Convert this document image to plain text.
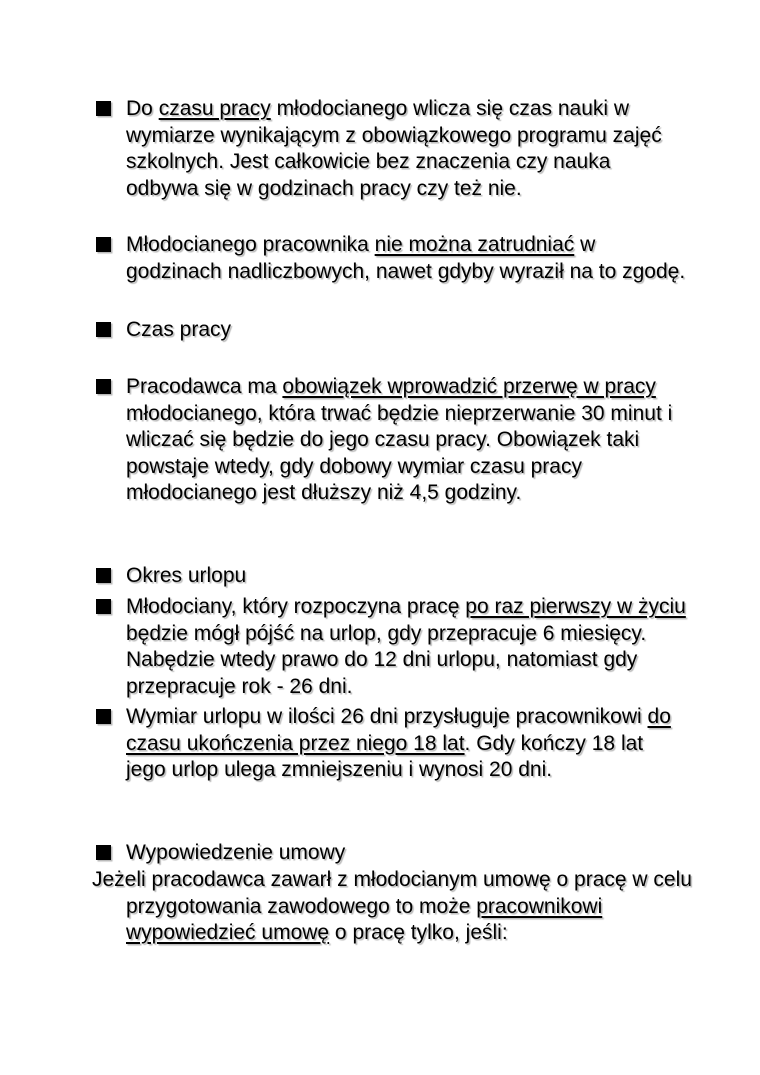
Do czasu pracy młodocianego wlicza się czas nauki w wymiarze wynikającym z obowiązkowego programu zajęć szkolnych. Jest całkowicie bez znaczenia czy nauka odbywa się w godzinach pracy czy też nie.
Młodocianego pracownika nie można zatrudniać w godzinach nadliczbowych, nawet gdyby wyraził na to zgodę.
Czas pracy
Pracodawca ma obowiązek wprowadzić przerwę w pracy młodocianego, która trwać będzie nieprzerwanie 30 minut i wliczać się będzie do jego czasu pracy. Obowiązek taki powstaje wtedy, gdy dobowy wymiar czasu pracy młodocianego jest dłuższy niż 4,5 godziny.
Okres urlopu
Młodociany, który rozpoczyna pracę po raz pierwszy w życiu będzie mógł pójść na urlop, gdy przepracuje 6 miesięcy. Nabędzie wtedy prawo do 12 dni urlopu, natomiast gdy przepracuje rok - 26 dni.
Wymiar urlopu w ilości 26 dni przysługuje pracownikowi do czasu ukończenia przez niego 18 lat. Gdy kończy 18 lat jego urlop ulega zmniejszeniu i wynosi 20 dni.
Wypowiedzenie umowy
Jeżeli pracodawca zawarł z młodocianym umowę o pracę w celu przygotowania zawodowego to może pracownikowi wypowiedzieć umowę o pracę tylko, jeśli:
